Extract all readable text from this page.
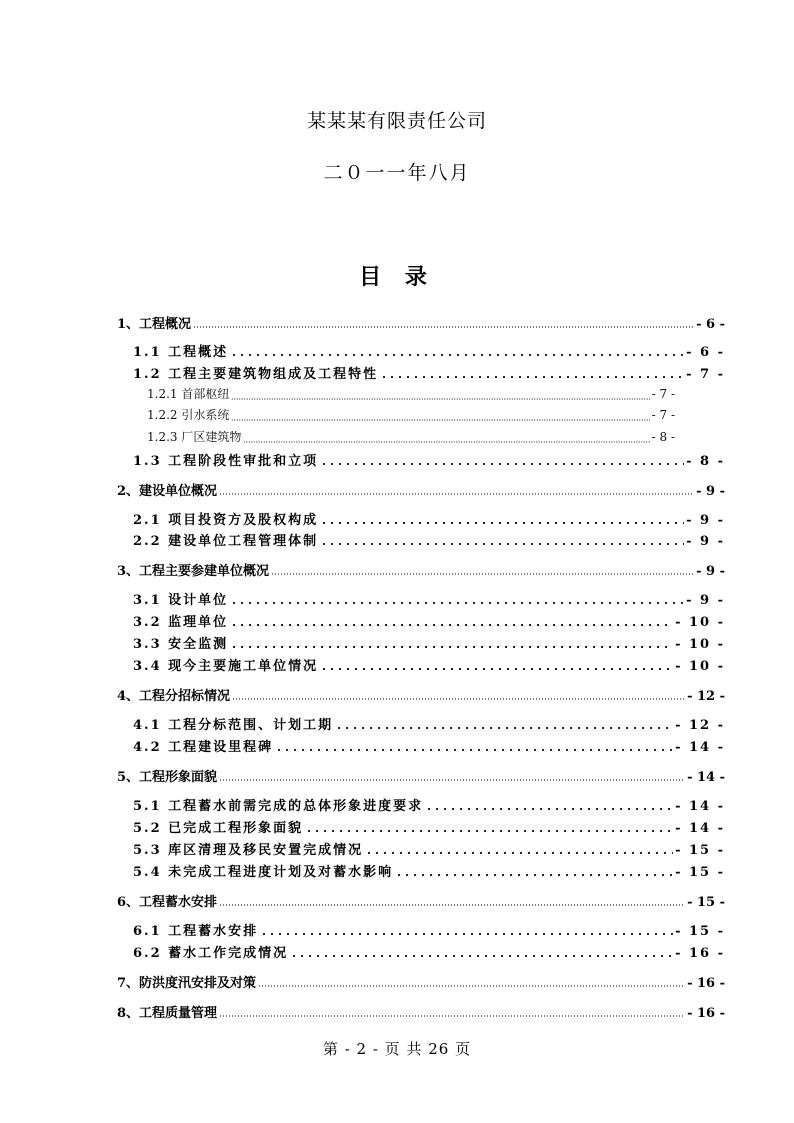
某某某有限责任公司
二０一一年八月
目 录
1、工程概况	- 6 -
1.1 工程概述	- 6 -
1.2 工程主要建筑物组成及工程特性	- 7 -
1.2.1 首部枢纽	- 7 -
1.2.2 引水系统	- 7 -
1.2.3 厂区建筑物	- 8 -
1.3 工程阶段性审批和立项	- 8 -
2、建设单位概况	- 9 -
2.1 项目投资方及股权构成	- 9 -
2.2 建设单位工程管理体制	- 9 -
3、工程主要参建单位概况	- 9 -
3.1 设计单位	- 9 -
3.2 监理单位	- 10 -
3.3 安全监测	- 10 -
3.4 现今主要施工单位情况	- 10 -
4、工程分招标情况	- 12 -
4.1 工程分标范围、计划工期	- 12 -
4.2 工程建设里程碑	- 14 -
5、工程形象面貌	- 14 -
5.1 工程蓄水前需完成的总体形象进度要求	- 14 -
5.2 已完成工程形象面貌	- 14 -
5.3 库区清理及移民安置完成情况	- 15 -
5.4 未完成工程进度计划及对蓄水影响	- 15 -
6、工程蓄水安排	- 15 -
6.1 工程蓄水安排	- 15 -
6.2 蓄水工作完成情况	- 16 -
7、防洪度汛安排及对策	- 16 -
8、工程质量管理	- 16 -
第 - 2 - 页 共 26 页
